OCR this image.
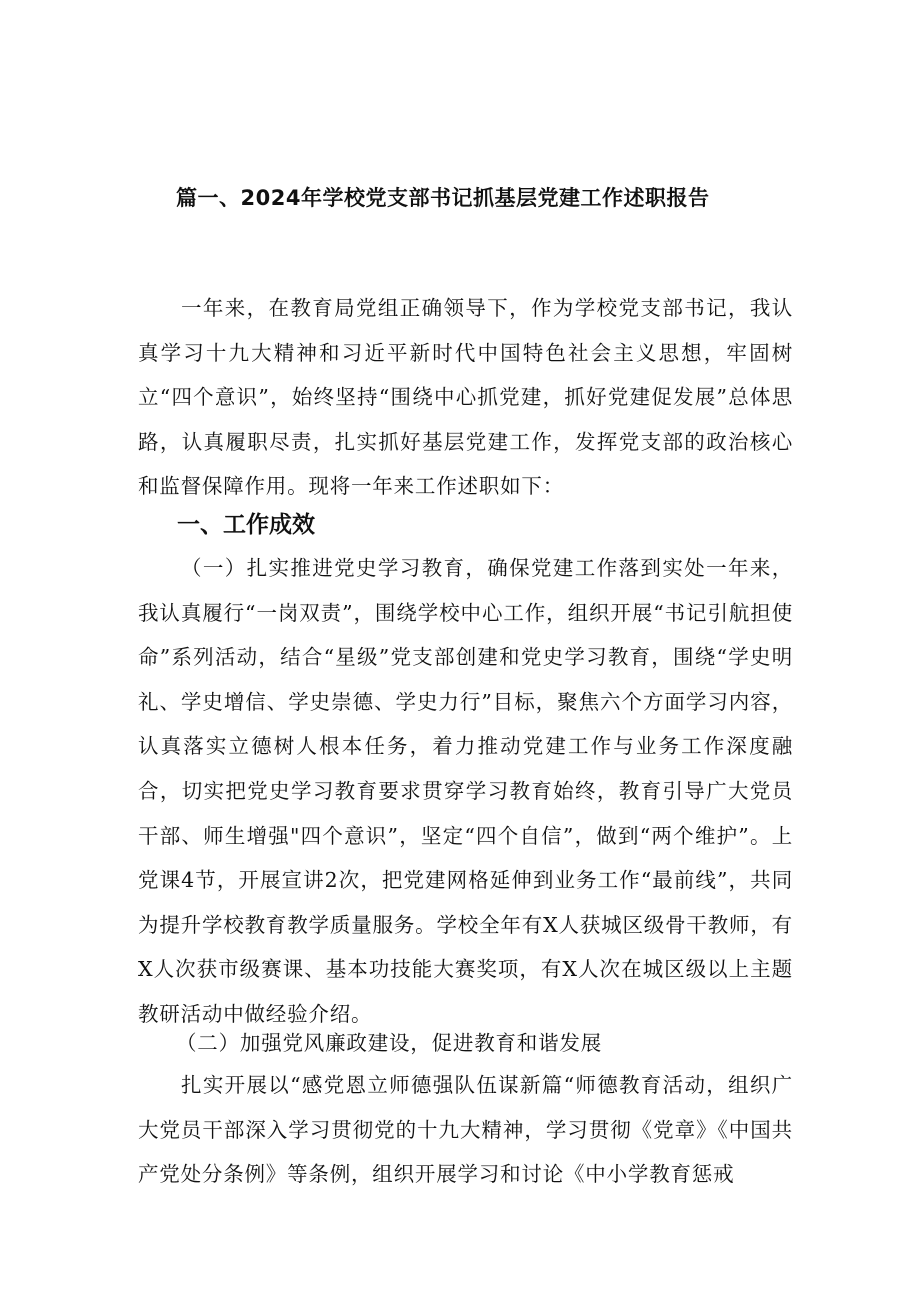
篇一、2024年学校党支部书记抓基层党建工作述职报告
一年来，在教育局党组正确领导下，作为学校党支部书记，我认真学习十九大精神和习近平新时代中国特色社会主义思想，牢固树立“四个意识”，始终坚持“围绕中心抓党建，抓好党建促发展”总体思路，认真履职尽责，扎实抓好基层党建工作，发挥党支部的政治核心和监督保障作用。现将一年来工作述职如下：
一、工作成效
（一）扎实推进党史学习教育，确保党建工作落到实处一年来，我认真履行“一岗双责”，围绕学校中心工作，组织开展“书记引航担使命”系列活动，结合“星级”党支部创建和党史学习教育，围绕“学史明礼、学史增信、学史崇德、学史力行”目标，聚焦六个方面学习内容，认真落实立德树人根本任务，着力推动党建工作与业务工作深度融合，切实把党史学习教育要求贯穿学习教育始终，教育引导广大党员干部、师生增强"四个意识”，坚定“四个自信”，做到“两个维护”。上党课4节，开展宣讲2次，把党建网格延伸到业务工作“最前线”，共同为提升学校教育教学质量服务。学校全年有X人获城区级骨干教师，有X人次获市级赛课、基本功技能大赛奖项，有X人次在城区级以上主题教研活动中做经验介绍。
（二）加强党风廉政建设，促进教育和谐发展
扎实开展以“感党恩立师德强队伍谋新篇“师德教育活动，组织广大党员干部深入学习贯彻党的十九大精神，学习贯彻《党章》《中国共产党处分条例》等条例，组织开展学习和讨论《中小学教育惩戒
